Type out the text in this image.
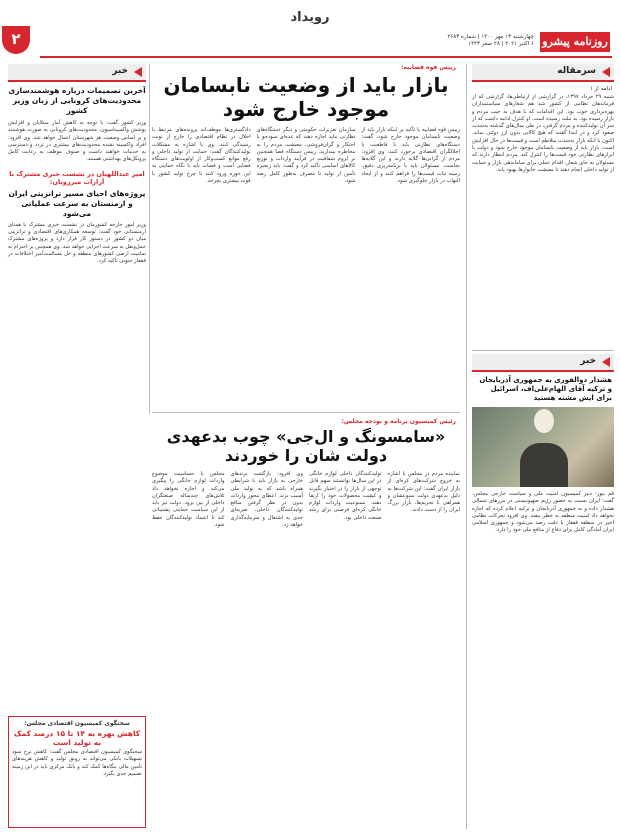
۲
رویداد
چهارشنبه ۱۳ مهر ۱۴۰۰ | شماره ۲۶۸۳
۶ اکتبر ۲۰۲۱ | ۲۸ صفر ۱۴۴۳ روزنامه پیشرو
سرمقاله
ادامه از ۱
شنبه ۲۹ خرداد ۱۳۹۷، در گزارشی از ارتباطی‌ها، گزارشی که از فرماندهان نظامی از کشور شد هم شعارهای سیاستمداران بهره‌برداری خوب بود. این اقدامات که با هدف به جیب مردم و بازار رسیده بود، به ملت رسیده است. او کنترل ادامه داشت که از سر آن تولیدکننده و مردم گرفتن، در طی سال‌های گذشته به‌شدت صعود کرد و در ابتدا گفتند که هیچ کالایی بدون ارز دولتی نماند. اکنون با آنکه بازار به‌شدت متلاطم است و قیمت‌ها در حال افزایش است، بازار باید از وضعیت نابسامان موجود خارج شود و دولت با ابزارهای نظارتی خود قیمت‌ها را کنترل کند. مردم انتظار دارند که مسئولان به جای شعار، اقدام عملی برای ساماندهی بازار و حمایت از تولید داخلی انجام دهند تا معیشت خانوارها بهبود یابد.
خبر
هشدار دوالفوری به جمهوری آذربایجان و ترکیه آقای الهام‌علی‌اف، اسرائیل برای ایش مشته هستید
قم نیوز- دبیر کمیسیون امنیت ملی و سیاست خارجی مجلس، گفت: ایران نسبت به حضور رژیم صهیونیستی در مرزهای شمالی هشدار داده و به جمهوری آذربایجان و ترکیه اعلام کرده که اجازه نخواهد داد امنیت منطقه به خطر بیفتد. وی افزود تحرکات نظامی اخیر در منطقه قفقاز با دقت رصد می‌شود و جمهوری اسلامی ایران آمادگی کامل برای دفاع از منافع ملی خود را دارد.
رییس قوه قضاییه:
بازار باید از وضعیت نابسامان موجود خارج شود
رییس قوه قضاییه با تأکید بر اینکه بازار باید از وضعیت نابسامان موجود خارج شود، گفت: دستگاه‌های نظارتی باید با قاطعیت با اخلالگران اقتصادی برخورد کنند. وی افزود: مردم از گرانی‌ها گلایه دارند و این گلایه‌ها بجاست. مسئولان باید با برنامه‌ریزی دقیق، زمینه ثبات قیمت‌ها را فراهم کنند و از ایجاد التهاب در بازار جلوگیری شود.
سازمان تعزیرات حکومتی و دیگر دستگاه‌های نظارتی نباید اجازه دهند که عده‌ای سودجو با احتکار و گران‌فروشی، معیشت مردم را به مخاطره بیندازند. رییس دستگاه قضا همچنین بر لزوم شفافیت در فرآیند واردات و توزیع کالاهای اساسی تأکید کرد و گفت: باید زنجیره تأمین از تولید تا مصرف به‌طور کامل رصد شود.
دادگستری‌ها موظف‌اند پرونده‌های مرتبط با اخلال در نظام اقتصادی را خارج از نوبت رسیدگی کنند. وی با اشاره به مشکلات تولیدکنندگان گفت: حمایت از تولید داخلی و رفع موانع کسب‌وکار از اولویت‌های دستگاه قضایی است و قضات باید با نگاه حمایتی به این حوزه ورود کنند تا چرخ تولید کشور با قوت بیشتری بچرخد.
رئیس کمیسیون برنامه و بودجه مجلس:
«سامسونگ و ال‌جی» چوب بدعهدی دولت شان را خوردند
نماینده مردم در مجلس با اشاره به خروج شرکت‌های کره‌ای از بازار ایران گفت: این شرکت‌ها به دلیل بدعهدی دولت متبوعشان و همراهی با تحریم‌ها، بازار بزرگ ایران را از دست دادند.
تولیدکنندگان داخلی لوازم خانگی در این سال‌ها توانستند سهم قابل توجهی از بازار را در اختیار بگیرند و کیفیت محصولات خود را ارتقا دهند. ممنوعیت واردات لوازم خانگی کره‌ای فرصتی برای رشد صنعت داخلی بود.
وی افزود: بازگشت برندهای خارجی به بازار باید با شرایطی همراه باشد که به تولید ملی آسیب نزند. اعطای مجوز واردات بدون در نظر گرفتن منافع تولیدکنندگان داخلی، ضربه‌ای جدی به اشتغال و سرمایه‌گذاری خواهد زد.
مجلس با حساسیت موضوع واردات لوازم خانگی را پیگیری می‌کند و اجازه نخواهد داد تلاش‌های چندساله صنعتگران داخلی از بین برود. دولت نیز باید از این سیاست حمایتی پشتیبانی کند تا اعتماد تولیدکنندگان حفظ شود.
خبر
آخرین تصمیمات درباره هوشمندسازی محدودیت‌های کرونایی از زبان وزیر کشور
وزیر کشور گفت: با توجه به کاهش آمار مبتلایان و افزایش پوشش واکسیناسیون، محدودیت‌های کرونایی به صورت هوشمند و بر اساس وضعیت هر شهرستان اعمال خواهد شد. وی افزود: افراد واکسینه نشده محدودیت‌های بیشتری در تردد و دسترسی به خدمات خواهند داشت و صنوف موظف به رعایت کامل پروتکل‌های بهداشتی هستند.
امیر عبداللهیان در نشست خبری مشترک با آرارات میرزویان:
پروژه‌های احیای مسیر ترانزیتی ایران و ارمنستان به سرعت عملیاتی می‌شود
وزیر امور خارجه کشورمان در نشست خبری مشترک با همتای ارمنستانی خود گفت: توسعه همکاری‌های اقتصادی و ترانزیتی میان دو کشور در دستور کار قرار دارد و پروژه‌های مشترک حمل‌ونقل به سرعت اجرایی خواهد شد. وی همچنین بر احترام به تمامیت ارضی کشورهای منطقه و حل مسالمت‌آمیز اختلافات در قفقاز جنوبی تأکید کرد.
سخنگوی کمیسیون اقتصادی مجلس:
کاهش بهره به ۱۴ تا ۱۵ درصد کمک به تولید است
سخنگوی کمیسیون اقتصادی مجلس گفت: کاهش نرخ سود تسهیلات بانکی می‌تواند به رونق تولید و کاهش هزینه‌های تأمین مالی بنگاه‌ها کمک کند و بانک مرکزی باید در این زمینه تصمیم جدی بگیرد.
